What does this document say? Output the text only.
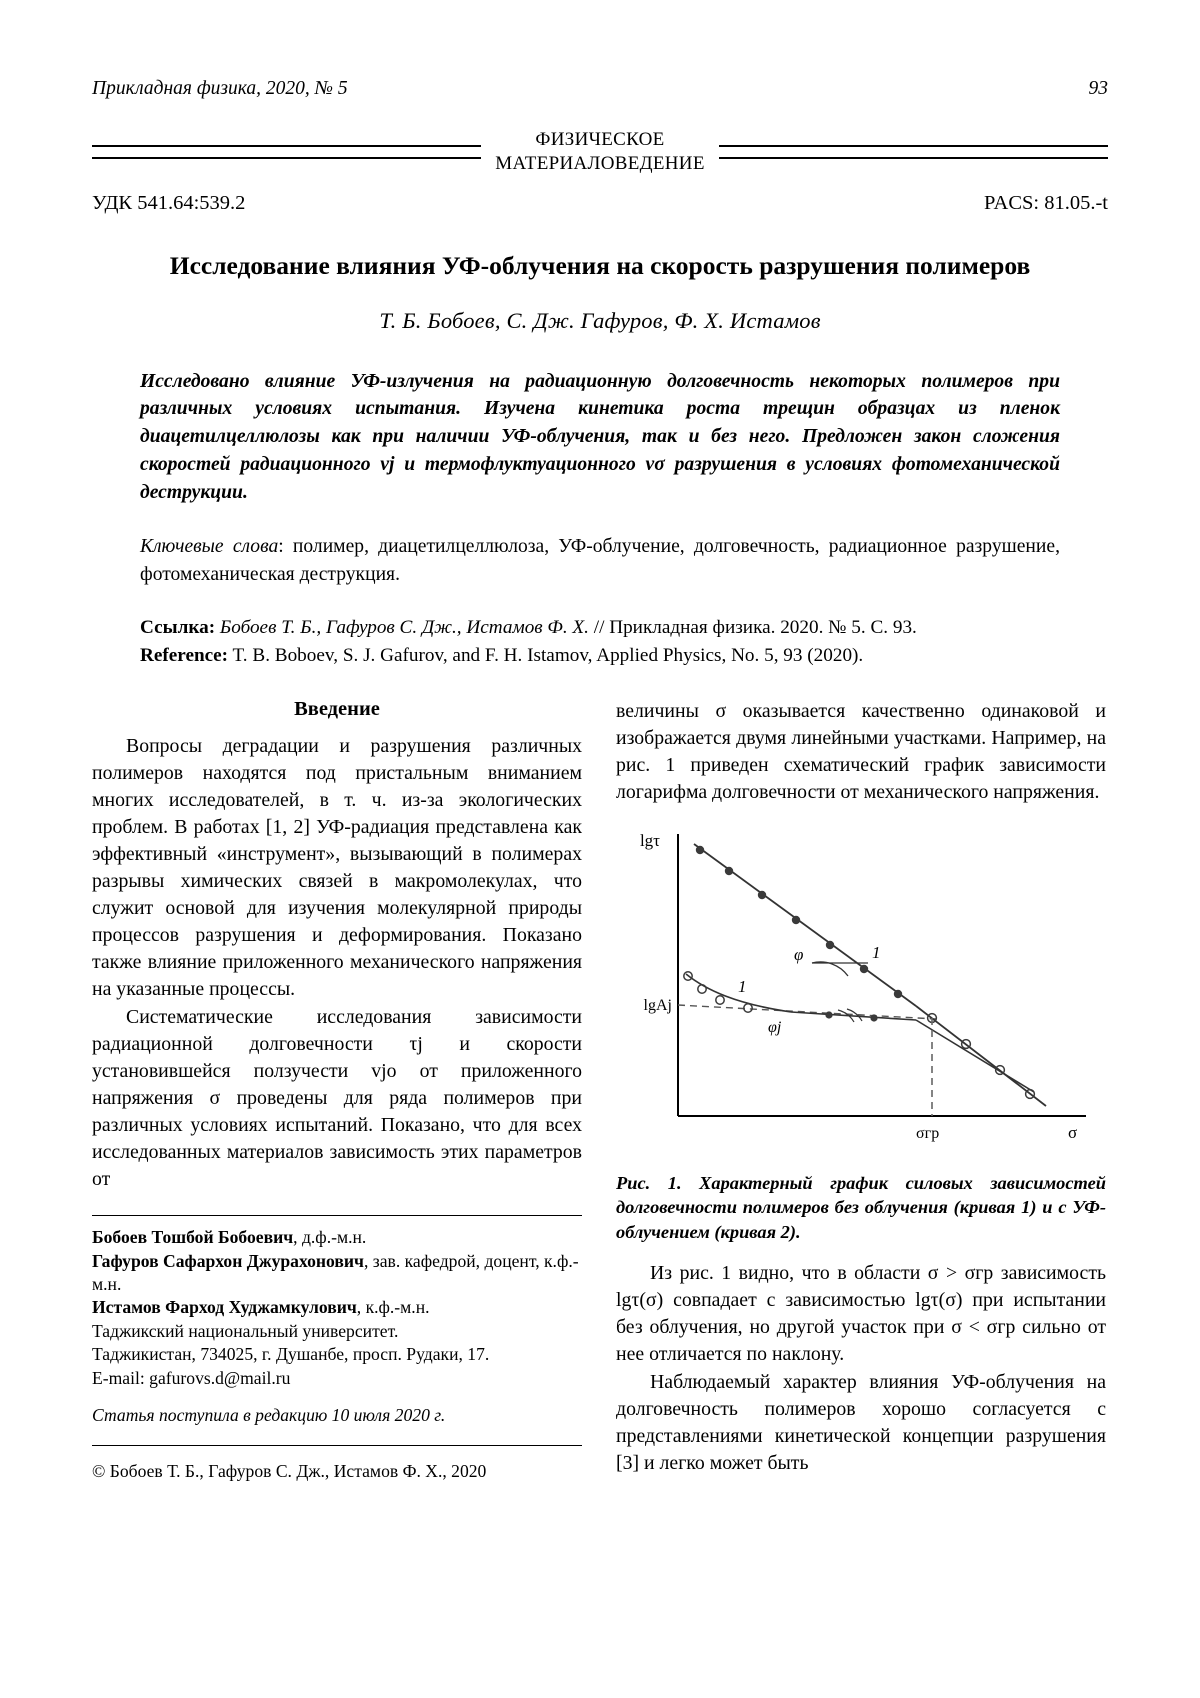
Прикладная физика, 2020, № 5	93
ФИЗИЧЕСКОЕ
МАТЕРИАЛОВЕДЕНИЕ
УДК 541.64:539.2	PACS: 81.05.-t
Исследование влияния УФ-облучения на скорость разрушения полимеров
Т. Б. Бобоев, С. Дж. Гафуров, Ф. Х. Истамов
Исследовано влияние УФ-излучения на радиационную долговечность некоторых полимеров при различных условиях испытания. Изучена кинетика роста трещин образцах из пленок диацетилцеллюлозы как при наличии УФ-облучения, так и без него. Предложен закон сложения скоростей радиационного vj и термофлуктуационного vσ разрушения в условиях фотомеханической деструкции.
Ключевые слова: полимер, диацетилцеллюлоза, УФ-облучение, долговечность, радиационное разрушение, фотомеханическая деструкция.
Ссылка: Бобоев Т. Б., Гафуров С. Дж., Истамов Ф. Х. // Прикладная физика. 2020. № 5. С. 93.
Reference: T. B. Boboev, S. J. Gafurov, and F. H. Istamov, Applied Physics, No. 5, 93 (2020).
Введение

Вопросы деградации и разрушения различных полимеров находятся под пристальным вниманием многих исследователей, в т. ч. из-за экологических проблем. В работах [1, 2] УФ-радиация представлена как эффективный «инструмент», вызывающий в полимерах разрывы химических связей в макромолекулах, что служит основой для изучения молекулярной природы процессов разрушения и деформирования. Показано также влияние приложенного механического напряжения на указанные процессы.

Систематические исследования зависимости радиационной долговечности τj и скорости установившейся ползучести vjo от приложенного напряжения σ проведены для ряда полимеров при различных условиях испытаний. Показано, что для всех исследованных материалов зависимость этих параметров от

Бобоев Тошбой Бобоевич, д.ф.-м.н.

Гафуров Сафархон Джурахонович, зав. кафедрой, доцент, к.ф.-м.н.

Истамов Фарход Худжамкулович, к.ф.-м.н.

Таджикский национальный университет.

Таджикистан, 734025, г. Душанбе, просп. Рудаки, 17.

E-mail: gafurovs.d@mail.ru

Статья поступила в редакцию 10 июля 2020 г.

© Бобоев Т. Б., Гафуров С. Дж., Истамов Ф. Х., 2020

величины σ оказывается качественно одинаковой и изображается двумя линейными участками. Например, на рис. 1 приведен схематический график зависимости логарифма долговечности от механического напряжения.

lgτ
σ
lgAj
φ
φj
1
1
σгр
Рис. 1. Характерный график силовых зависимостей долговечности полимеров без облучения (кривая 1) и с УФ-облучением (кривая 2).

Из рис. 1 видно, что в области σ > σгр зависимость lgτ(σ) совпадает с зависимостью lgτ(σ) при испытании без облучения, но другой участок при σ < σгр сильно от нее отличается по наклону.

Наблюдаемый характер влияния УФ-облучения на долговечность полимеров хорошо согласуется с представлениями кинетической концепции разрушения [3] и легко может быть
